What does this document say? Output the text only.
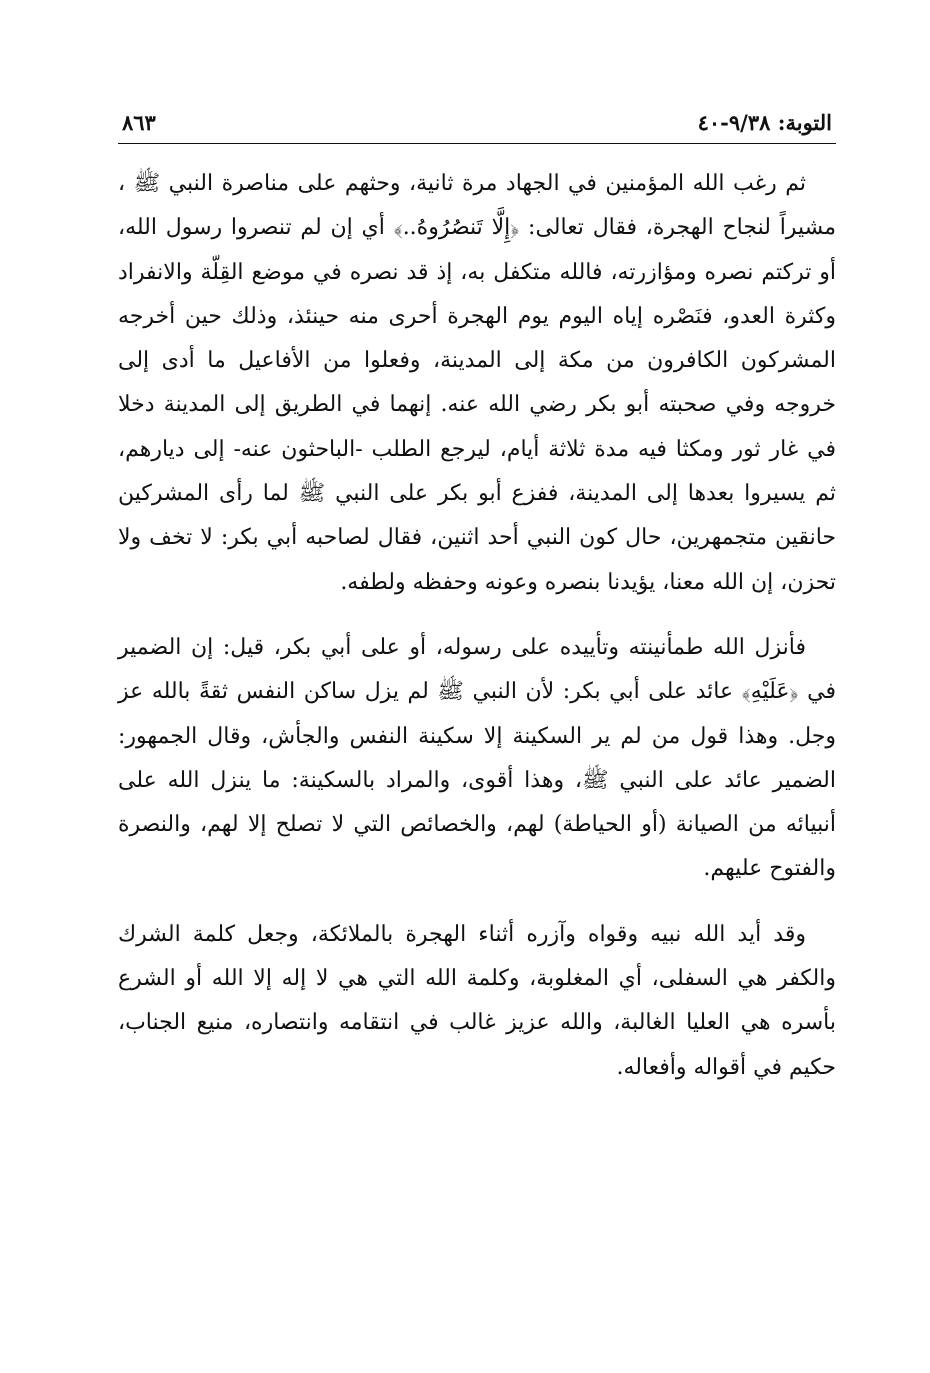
التوبة: ٩/٣٨-٤٠
٨٦٣

ثم رغب الله المؤمنين في الجهاد مرة ثانية، وحثهم على مناصرة النبي ﷺ ، مشيراً لنجاح الهجرة، فقال تعالى: ﴿إِلَّا تَنصُرُوهُ..﴾ أي إن لم تنصروا رسول الله، أو تركتم نصره ومؤازرته، فالله متكفل به، إذ قد نصره في موضع القِلّة والانفراد وكثرة العدو، فنَصْره إياه اليوم يوم الهجرة أحرى منه حينئذ، وذلك حين أخرجه المشركون الكافرون من مكة إلى المدينة، وفعلوا من الأفاعيل ما أدى إلى خروجه وفي صحبته أبو بكر رضي الله عنه. إنهما في الطريق إلى المدينة دخلا في غار ثور ومكثا فيه مدة ثلاثة أيام، ليرجع الطلب -الباحثون عنه- إلى ديارهم، ثم يسيروا بعدها إلى المدينة، ففزع أبو بكر على النبي ﷺ لما رأى المشركين حانقين متجمهرين، حال كون النبي أحد اثنين، فقال لصاحبه أبي بكر: لا تخف ولا تحزن، إن الله معنا، يؤيدنا بنصره وعونه وحفظه ولطفه.

فأنزل الله طمأنينته وتأييده على رسوله، أو على أبي بكر، قيل: إن الضمير في ﴿عَلَيْهِ﴾ عائد على أبي بكر: لأن النبي ﷺ لم يزل ساكن النفس ثقةً بالله عز وجل. وهذا قول من لم ير السكينة إلا سكينة النفس والجأش، وقال الجمهور: الضمير عائد على النبي ﷺ، وهذا أقوى، والمراد بالسكينة: ما ينزل الله على أنبيائه من الصيانة (أو الحياطة) لهم، والخصائص التي لا تصلح إلا لهم، والنصرة والفتوح عليهم.

وقد أيد الله نبيه وقواه وآزره أثناء الهجرة بالملائكة، وجعل كلمة الشرك والكفر هي السفلى، أي المغلوبة، وكلمة الله التي هي لا إله إلا الله أو الشرع بأسره هي العليا الغالبة، والله عزيز غالب في انتقامه وانتصاره، منيع الجناب، حكيم في أقواله وأفعاله.
